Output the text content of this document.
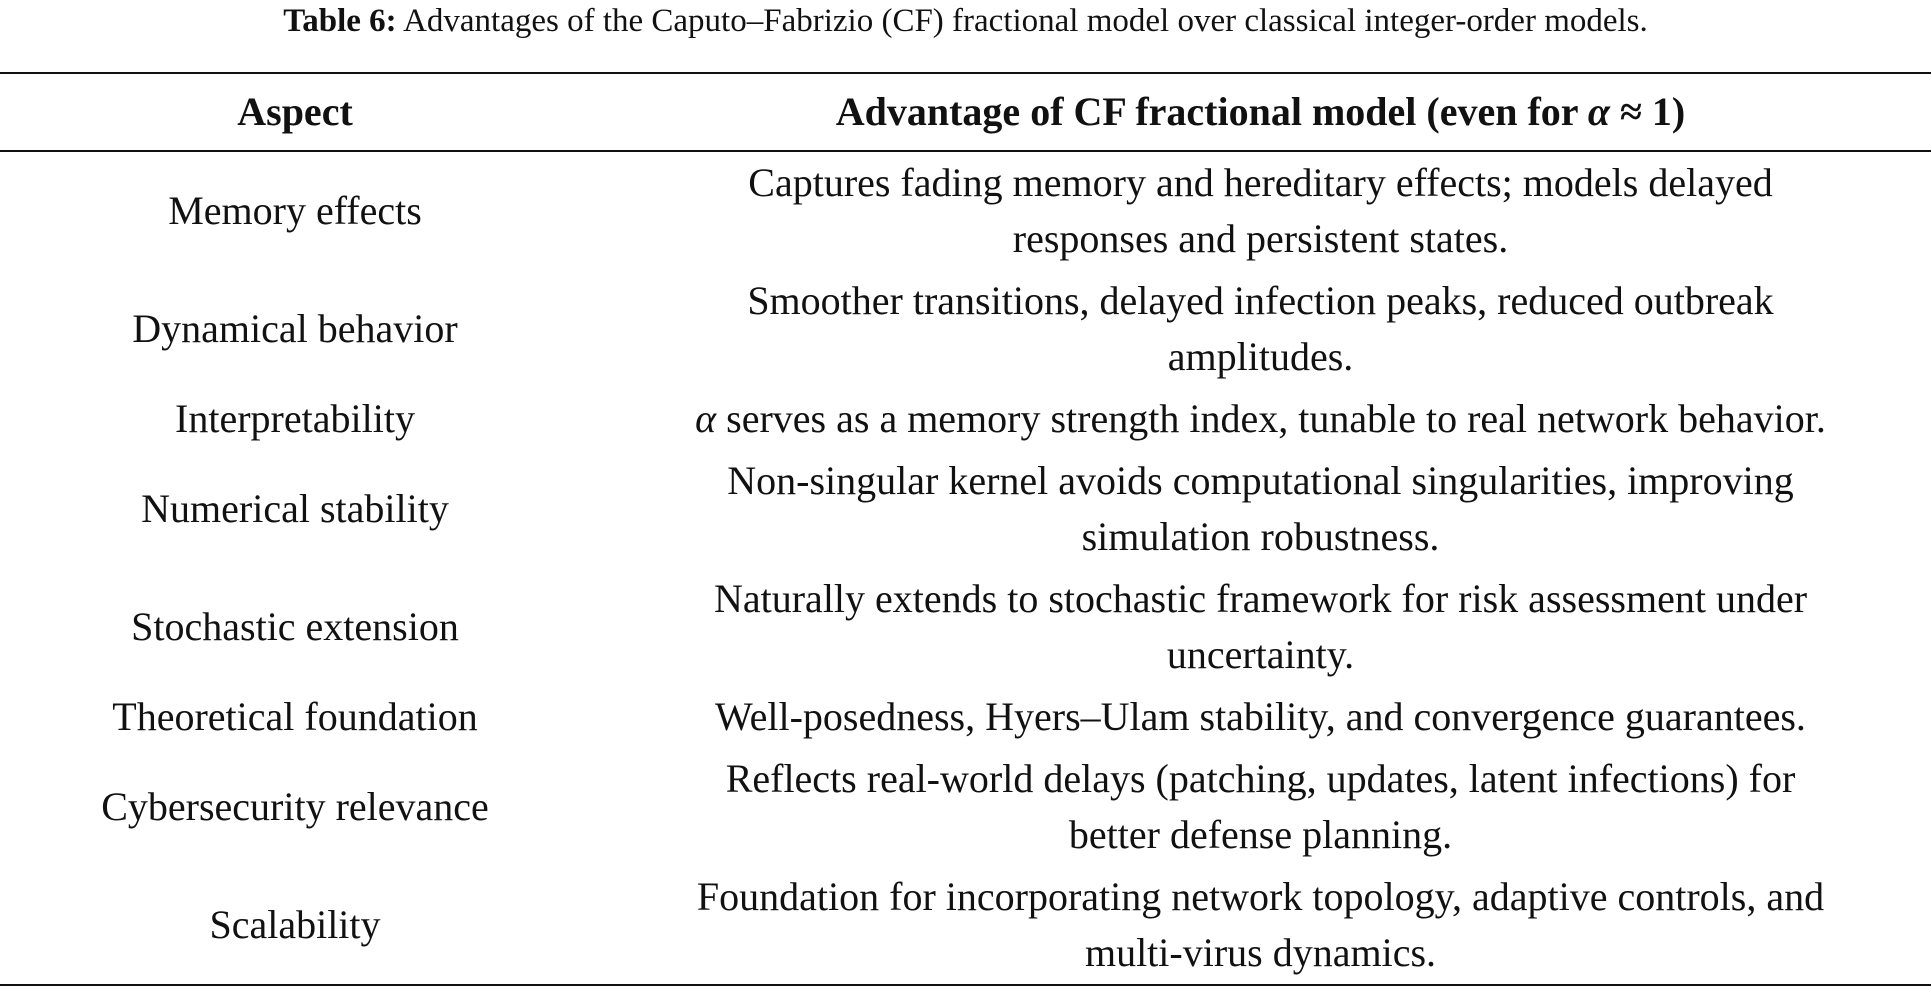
Table 6: Advantages of the Caputo–Fabrizio (CF) fractional model over classical integer-order models.
Aspect	Advantage of CF fractional model (even for α ≈ 1)
Memory effects	Captures fading memory and hereditary effects; models delayed
responses and persistent states.

Dynamical behavior	Smoother transitions, delayed infection peaks, reduced outbreak
amplitudes.

Interpretability	α serves as a memory strength index, tunable to real network behavior.

Numerical stability	Non-singular kernel avoids computational singularities, improving
simulation robustness.

Stochastic extension	Naturally extends to stochastic framework for risk assessment under
uncertainty.

Theoretical foundation	Well-posedness, Hyers–Ulam stability, and convergence guarantees.

Cybersecurity relevance	Reflects real-world delays (patching, updates, latent infections) for
better defense planning.

Scalability	Foundation for incorporating network topology, adaptive controls, and
multi-virus dynamics.
